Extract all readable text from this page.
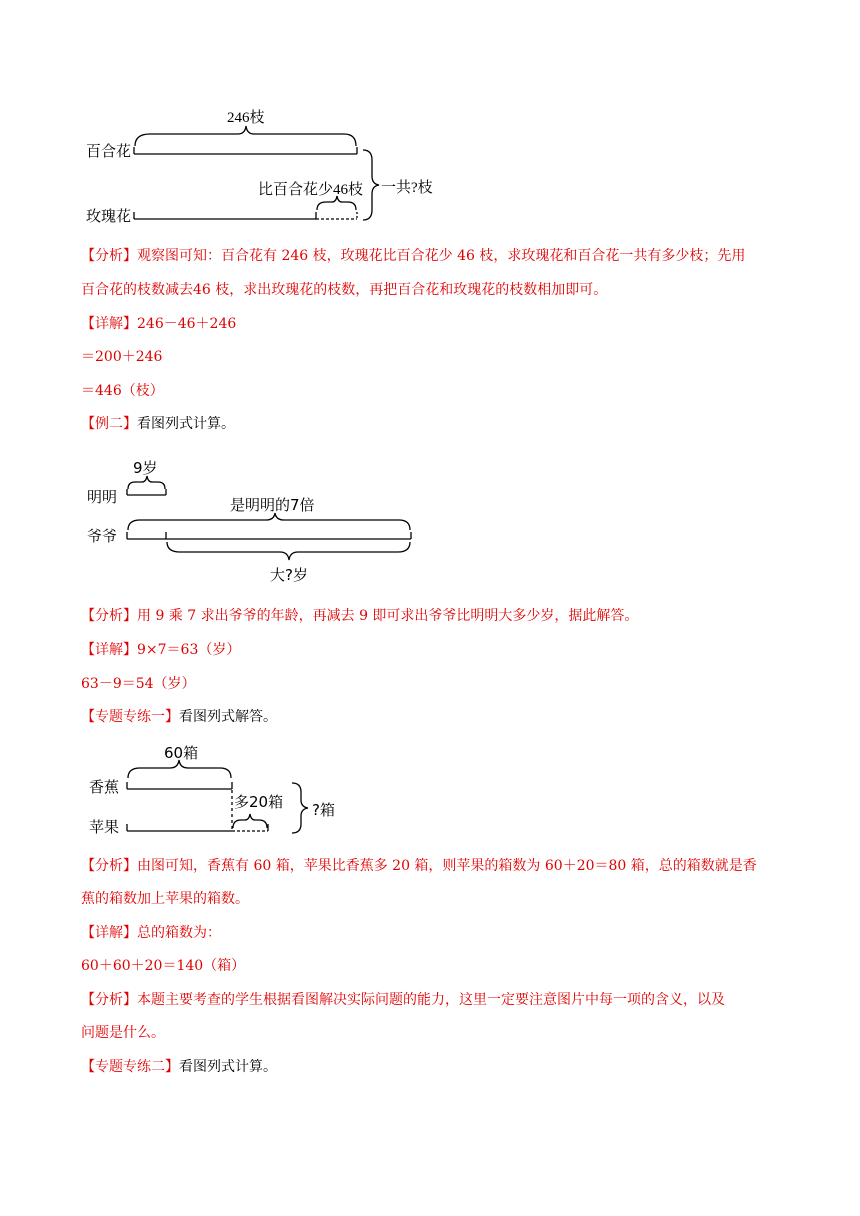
246枝
百合花
玫瑰花
比百合花少46枝 一共?枝
【分析】观察图可知：百合花有 246 枝，玫瑰花比百合花少 46 枝，求玫瑰花和百合花一共有多少枝；先用
百合花的枝数减去46 枝，求出玫瑰花的枝数，再把百合花和玫瑰花的枝数相加即可。
【详解】246－46＋246
＝200＋246
＝446（枝）
【例二】看图列式计算。
9岁
明明
爷爷
是明明的7倍
大?岁
【分析】用 9 乘 7 求出爷爷的年龄，再减去 9 即可求出爷爷比明明大多少岁，据此解答。
【详解】9×7＝63（岁）
63－9＝54（岁）
【专题专练一】看图列式解答。
60箱
香蕉
苹果
多20箱 ?箱
【分析】由图可知，香蕉有 60 箱，苹果比香蕉多 20 箱，则苹果的箱数为 60＋20＝80 箱，总的箱数就是香
蕉的箱数加上苹果的箱数。
【详解】总的箱数为：
60＋60＋20＝140（箱）
【分析】本题主要考查的学生根据看图解决实际问题的能力，这里一定要注意图片中每一项的含义，以及
问题是什么。
【专题专练二】看图列式计算。
